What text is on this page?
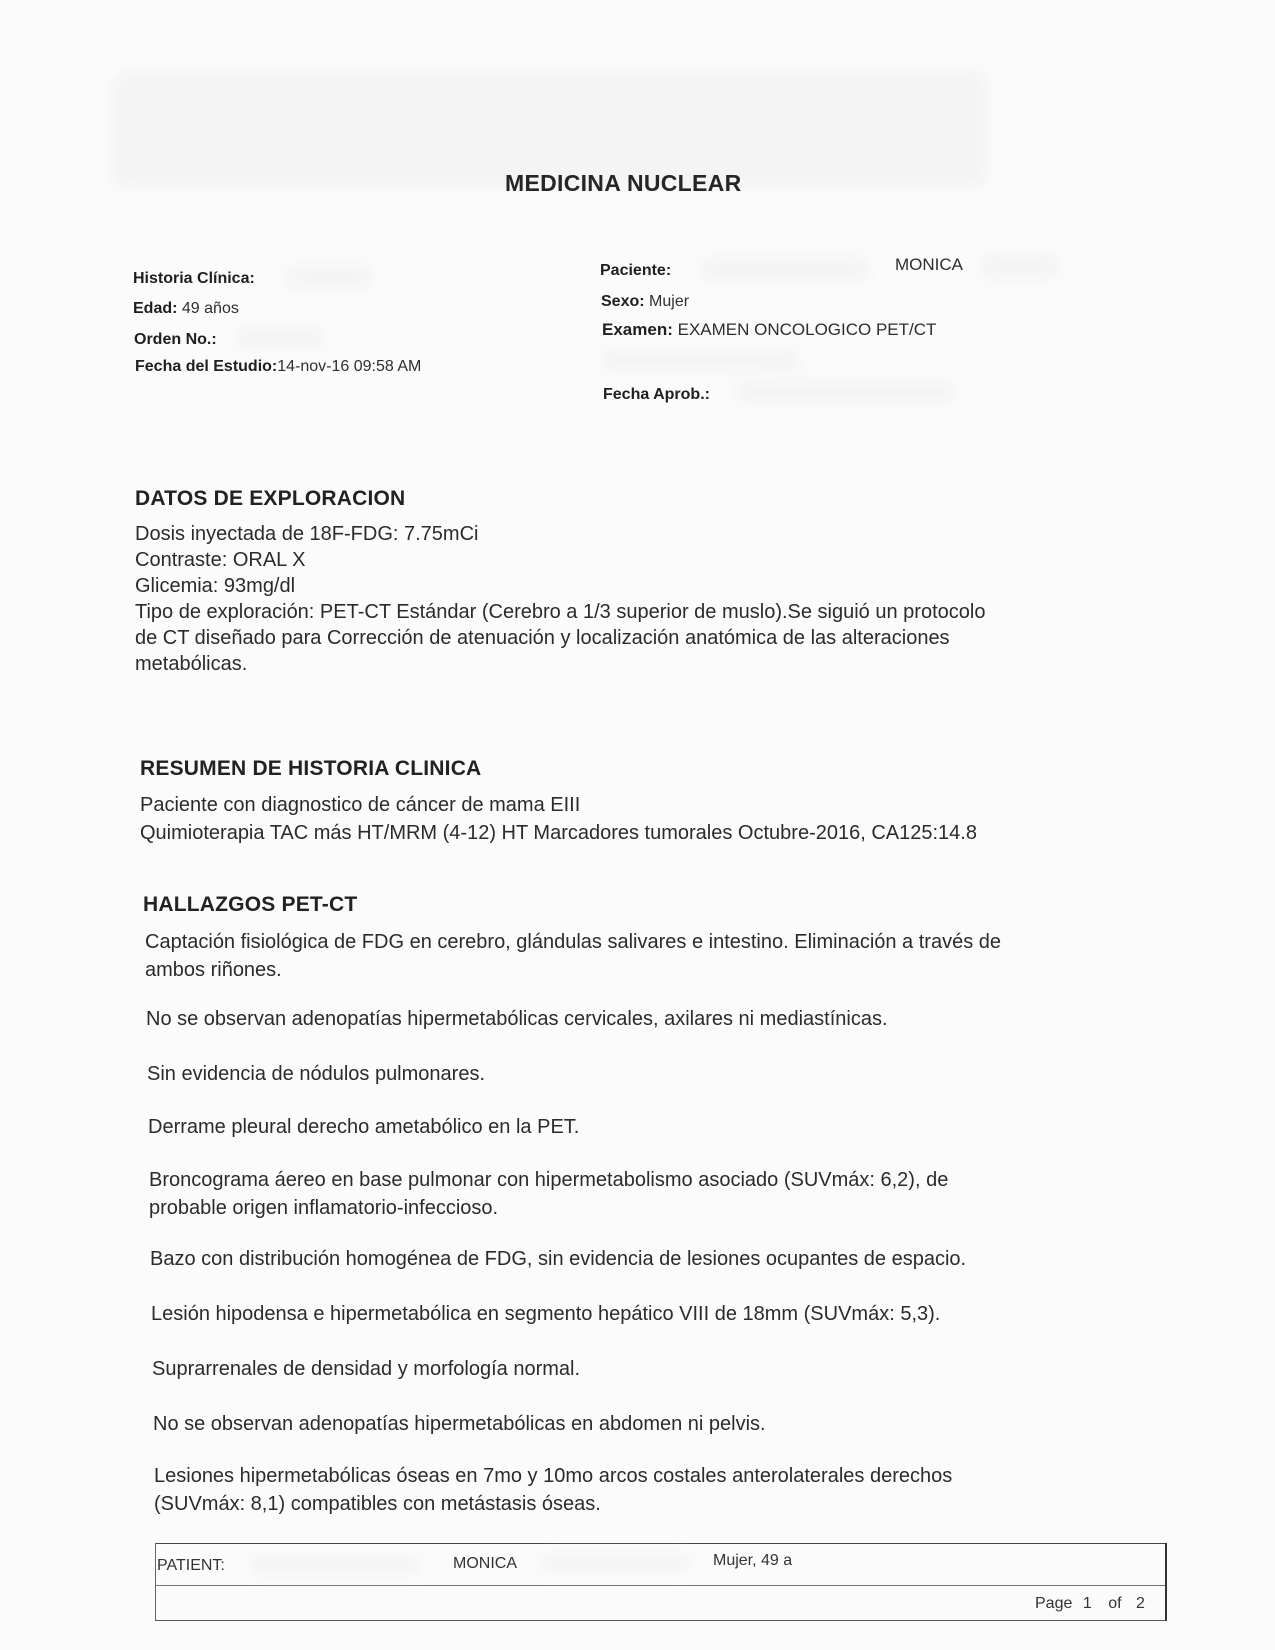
MEDICINA NUCLEAR
Historia Clínica:
Edad: 49 años
Orden No.:
Fecha del Estudio:14-nov-16 09:58 AM
Paciente:	MONICA
Sexo: Mujer
Examen: EXAMEN ONCOLOGICO PET/CT
Fecha Aprob.:
DATOS DE EXPLORACION
Dosis inyectada de 18F-FDG: 7.75mCi
Contraste: ORAL X
Glicemia: 93mg/dl
Tipo de exploración: PET-CT Estándar (Cerebro a 1/3 superior de muslo).Se siguió un protocolo
de CT diseñado para Corrección de atenuación y localización anatómica de las alteraciones
metabólicas.
RESUMEN DE HISTORIA CLINICA
Paciente con diagnostico de cáncer de mama EIII
Quimioterapia TAC más HT/MRM (4-12) HT Marcadores tumorales Octubre-2016, CA125:14.8
HALLAZGOS PET-CT
Captación fisiológica de FDG en cerebro, glándulas salivares e intestino. Eliminación a través de
ambos riñones.
No se observan adenopatías hipermetabólicas cervicales, axilares ni mediastínicas.
Sin evidencia de nódulos pulmonares.
Derrame pleural derecho ametabólico en la PET.
Broncograma áereo en base pulmonar con hipermetabolismo asociado (SUVmáx: 6,2), de
probable origen inflamatorio-infeccioso.
Bazo con distribución homogénea de FDG, sin evidencia de lesiones ocupantes de espacio.
Lesión hipodensa e hipermetabólica en segmento hepático VIII de 18mm (SUVmáx: 5,3).
Suprarrenales de densidad y morfología normal.
No se observan adenopatías hipermetabólicas en abdomen ni pelvis.
Lesiones hipermetabólicas óseas en 7mo y 10mo arcos costales anterolaterales derechos
(SUVmáx: 8,1) compatibles con metástasis óseas.
PATIENT:	MONICA	Mujer, 49 a
Page 1 of 2
